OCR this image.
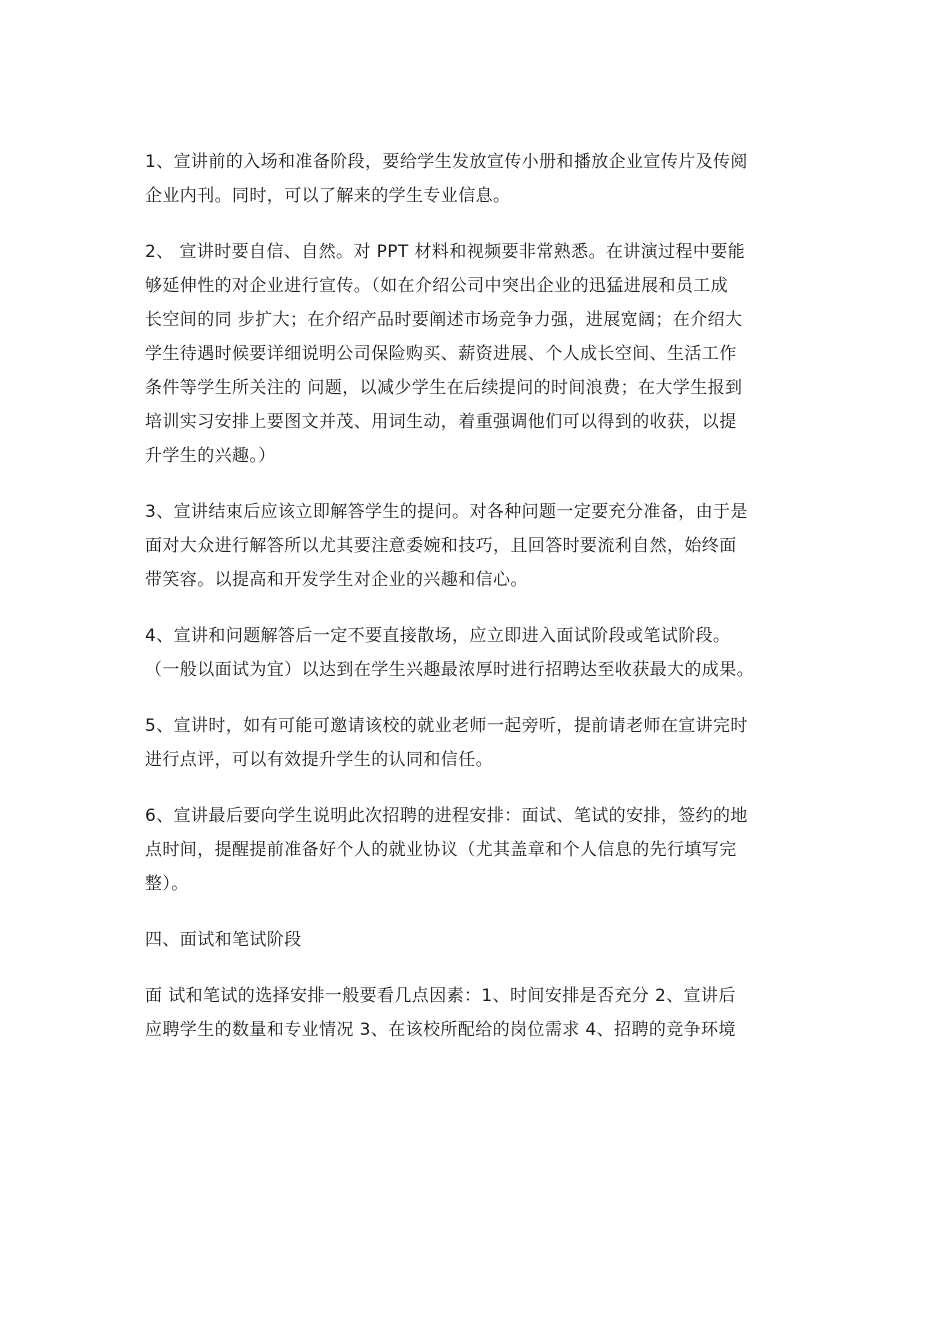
1、宣讲前的入场和准备阶段，要给学生发放宣传小册和播放企业宣传片及传阅
企业内刊。同时，可以了解来的学生专业信息。

2、 宣讲时要自信、自然。对 PPT 材料和视频要非常熟悉。在讲演过程中要能
够延伸性的对企业进行宣传。（如在介绍公司中突出企业的迅猛进展和员工成
长空间的同 步扩大；在介绍产品时要阐述市场竞争力强，进展宽阔；在介绍大
学生待遇时候要详细说明公司保险购买、薪资进展、个人成长空间、生活工作
条件等学生所关注的 问题，以减少学生在后续提问的时间浪费；在大学生报到
培训实习安排上要图文并茂、用词生动，着重强调他们可以得到的收获，以提
升学生的兴趣。）

3、宣讲结束后应该立即解答学生的提问。对各种问题一定要充分准备，由于是
面对大众进行解答所以尤其要注意委婉和技巧，且回答时要流利自然，始终面
带笑容。以提高和开发学生对企业的兴趣和信心。

4、宣讲和问题解答后一定不要直接散场，应立即进入面试阶段或笔试阶段。
（一般以面试为宜）以达到在学生兴趣最浓厚时进行招聘达至收获最大的成果。

5、宣讲时，如有可能可邀请该校的就业老师一起旁听，提前请老师在宣讲完时
进行点评，可以有效提升学生的认同和信任。

6、宣讲最后要向学生说明此次招聘的进程安排：面试、笔试的安排，签约的地
点时间，提醒提前准备好个人的就业协议（尤其盖章和个人信息的先行填写完
整）。

四、面试和笔试阶段

面 试和笔试的选择安排一般要看几点因素：1、时间安排是否充分 2、宣讲后
应聘学生的数量和专业情况 3、在该校所配给的岗位需求 4、招聘的竞争环境
